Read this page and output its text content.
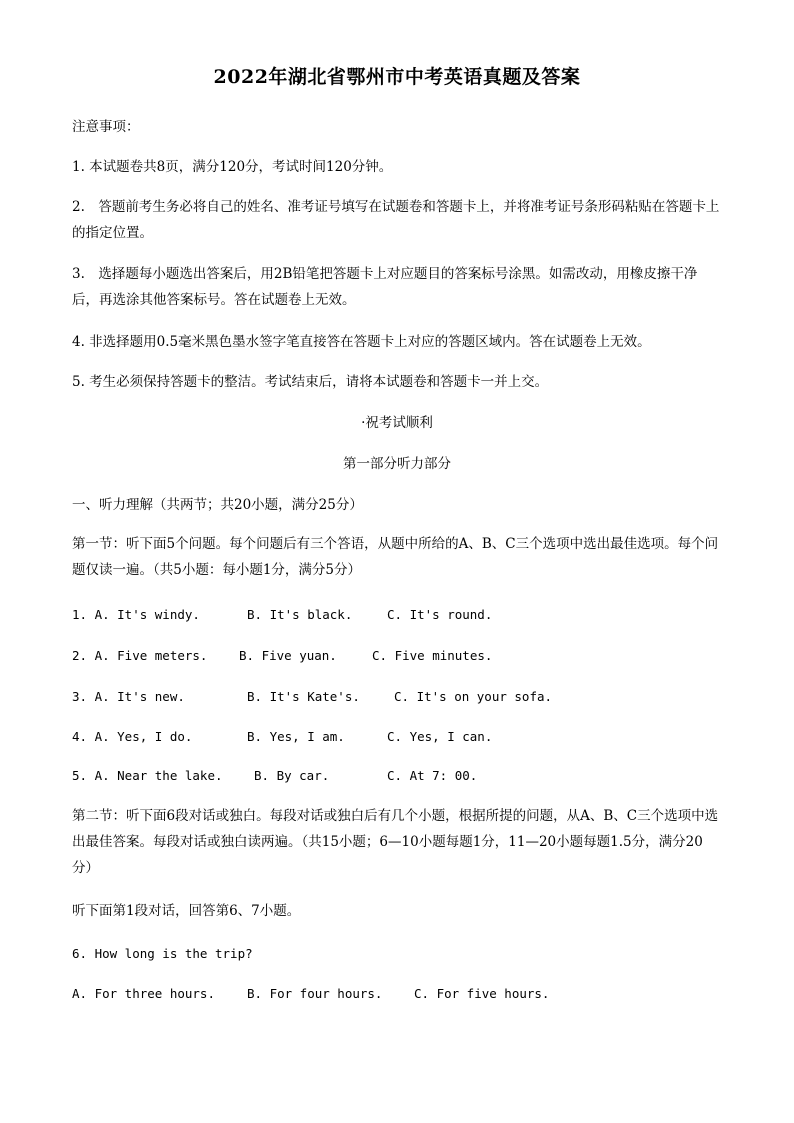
2022年湖北省鄂州市中考英语真题及答案
注意事项：
1. 本试题卷共8页，满分120分，考试时间120分钟。
2.　答题前考生务必将自己的姓名、准考证号填写在试题卷和答题卡上，并将准考证号条形码粘贴在答题卡上的指定位置。
3.　选择题每小题选出答案后，用2B铅笔把答题卡上对应题目的答案标号涂黑。如需改动，用橡皮擦干净后，再选涂其他答案标号。答在试题卷上无效。
4. 非选择题用0.5毫米黑色墨水签字笔直接答在答题卡上对应的答题区域内。答在试题卷上无效。
5. 考生必须保持答题卡的整洁。考试结束后，请将本试题卷和答题卡一并上交。
·祝考试顺利
第一部分听力部分
一、听力理解（共两节；共20小题，满分25分）
第一节：听下面5个问题。每个问题后有三个答语，从题中所给的A、B、C三个选项中选出最佳选项。每个问题仅读一遍。（共5小题：每小题1分，满分5分）
1. A. It's windy.	B. It's black.	C. It's round.
2. A. Five meters.	B. Five yuan.	C. Five minutes.
3. A. It's new.	B. It's Kate's.	C. It's on your sofa.
4. A. Yes, I do.	B. Yes, I am.	C. Yes, I can.
5. A. Near the lake.	B. By car.	C. At 7: 00.
第二节：听下面6段对话或独白。每段对话或独白后有几个小题，根据所提的问题，从A、B、C三个选项中选出最佳答案。每段对话或独白读两遍。（共15小题；6—10小题每题1分，11—20小题每题1.5分，满分20分）
听下面第1段对话，回答第6、7小题。
6. How long is the trip?
A. For three hours.	B. For four hours.	C. For five hours.
